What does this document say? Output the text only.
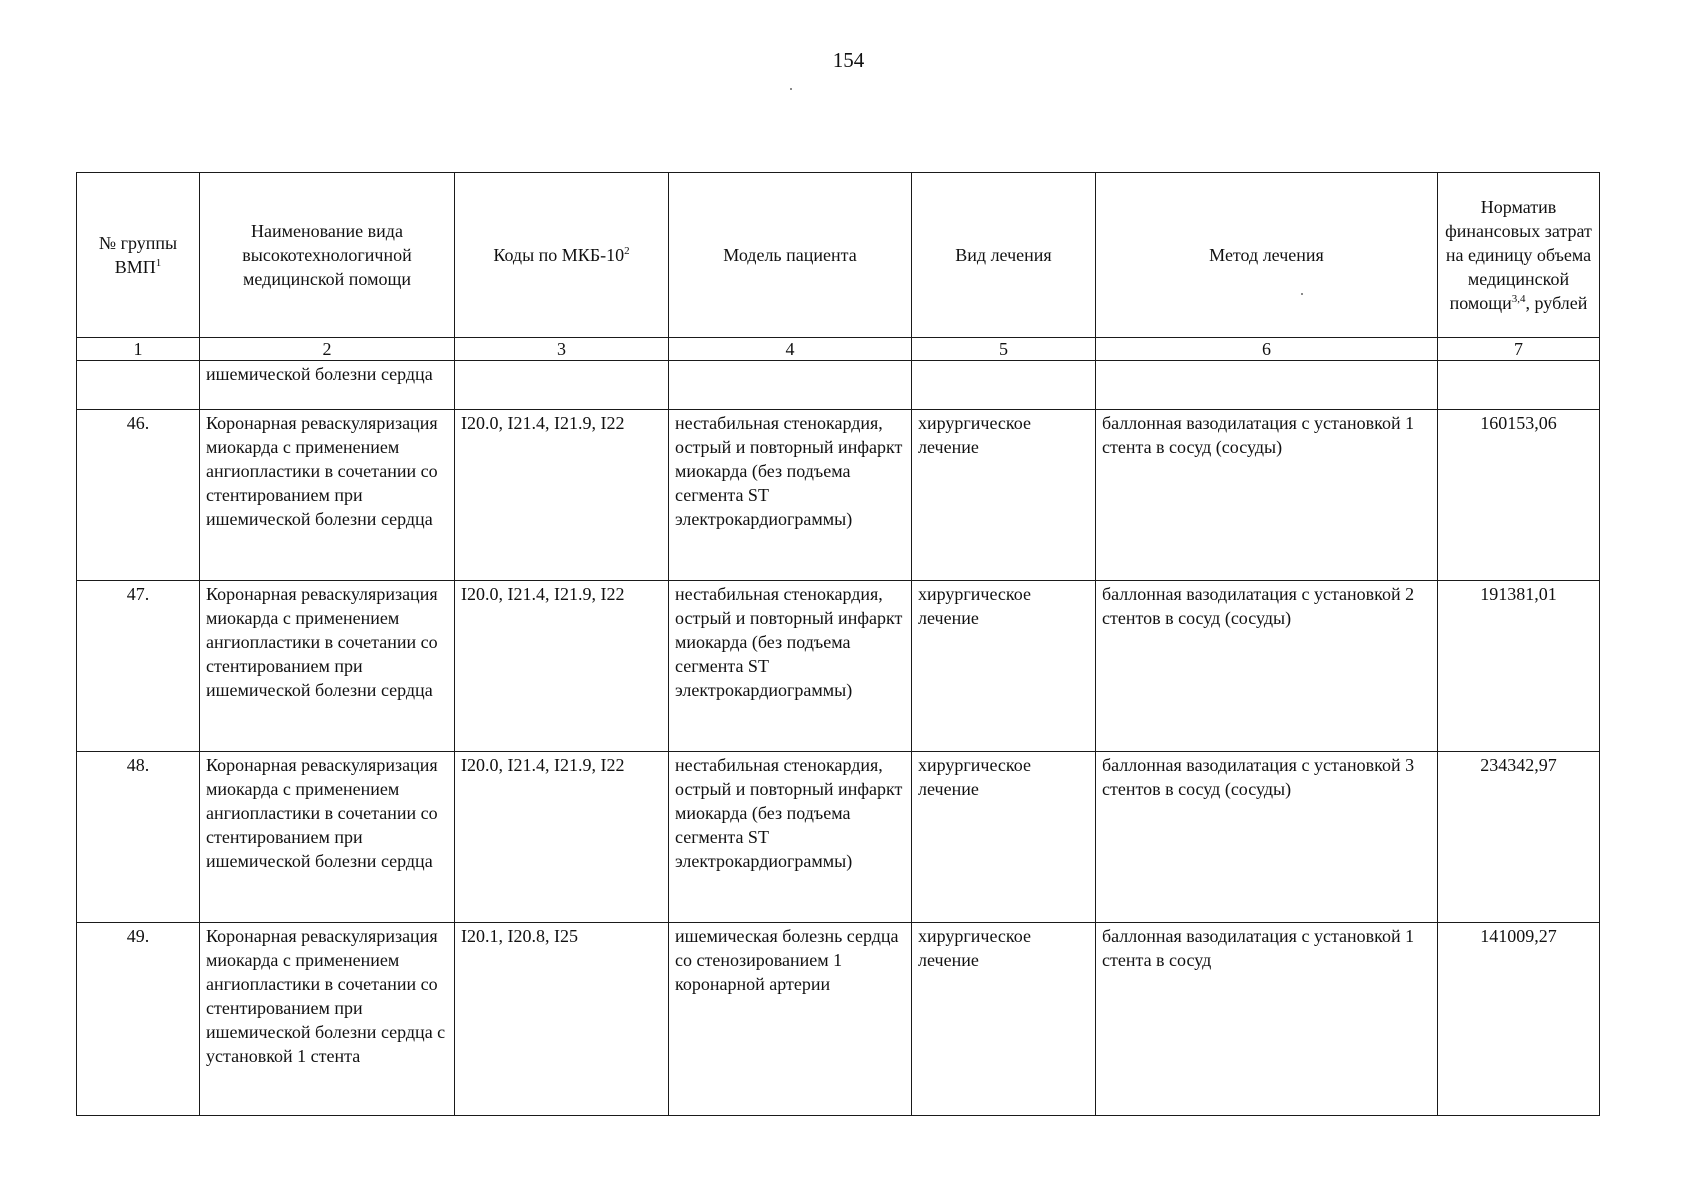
154
№ группы ВМП$^1$	Наименование вида высокотехнологичной медицинской помощи	Коды по МКБ-$10^2$	Модель пациента	Вид лечения	Метод лечения	Норматив финансовых затрат на единицу объема медицинской помощи$^{3,4}$, рублей
1	2	3	4	5	6	7
	ишемической болезни сердца					
46.	Коронарная реваскуляризация миокарда с применением ангиопластики в сочетании со стентированием при ишемической болезни сердца	I20.0, I21.4, I21.9, I22	нестабильная стенокардия, острый и повторный инфаркт миокарда (без подъема сегмента ST электрокардиограммы)	хирургическое лечение	баллонная вазодилатация с установкой 1 стента в сосуд (сосуды)	160153,06
47.	Коронарная реваскуляризация миокарда с применением ангиопластики в сочетании со стентированием при ишемической болезни сердца	I20.0, I21.4, I21.9, I22	нестабильная стенокардия, острый и повторный инфаркт миокарда (без подъема сегмента ST электрокардиограммы)	хирургическое лечение	баллонная вазодилатация с установкой 2 стентов в сосуд (сосуды)	191381,01
48.	Коронарная реваскуляризация миокарда с применением ангиопластики в сочетании со стентированием при ишемической болезни сердца	I20.0, I21.4, I21.9, I22	нестабильная стенокардия, острый и повторный инфаркт миокарда (без подъема сегмента ST электрокардиограммы)	хирургическое лечение	баллонная вазодилатация с установкой 3 стентов в сосуд (сосуды)	234342,97
49.	Коронарная реваскуляризация миокарда с применением ангиопластики в сочетании со стентированием при ишемической болезни сердца с установкой 1 стента	I20.1, I20.8, I25	ишемическая болезнь сердца со стенозированием 1 коронарной артерии	хирургическое лечение	баллонная вазодилатация с установкой 1 стента в сосуд	141009,27
